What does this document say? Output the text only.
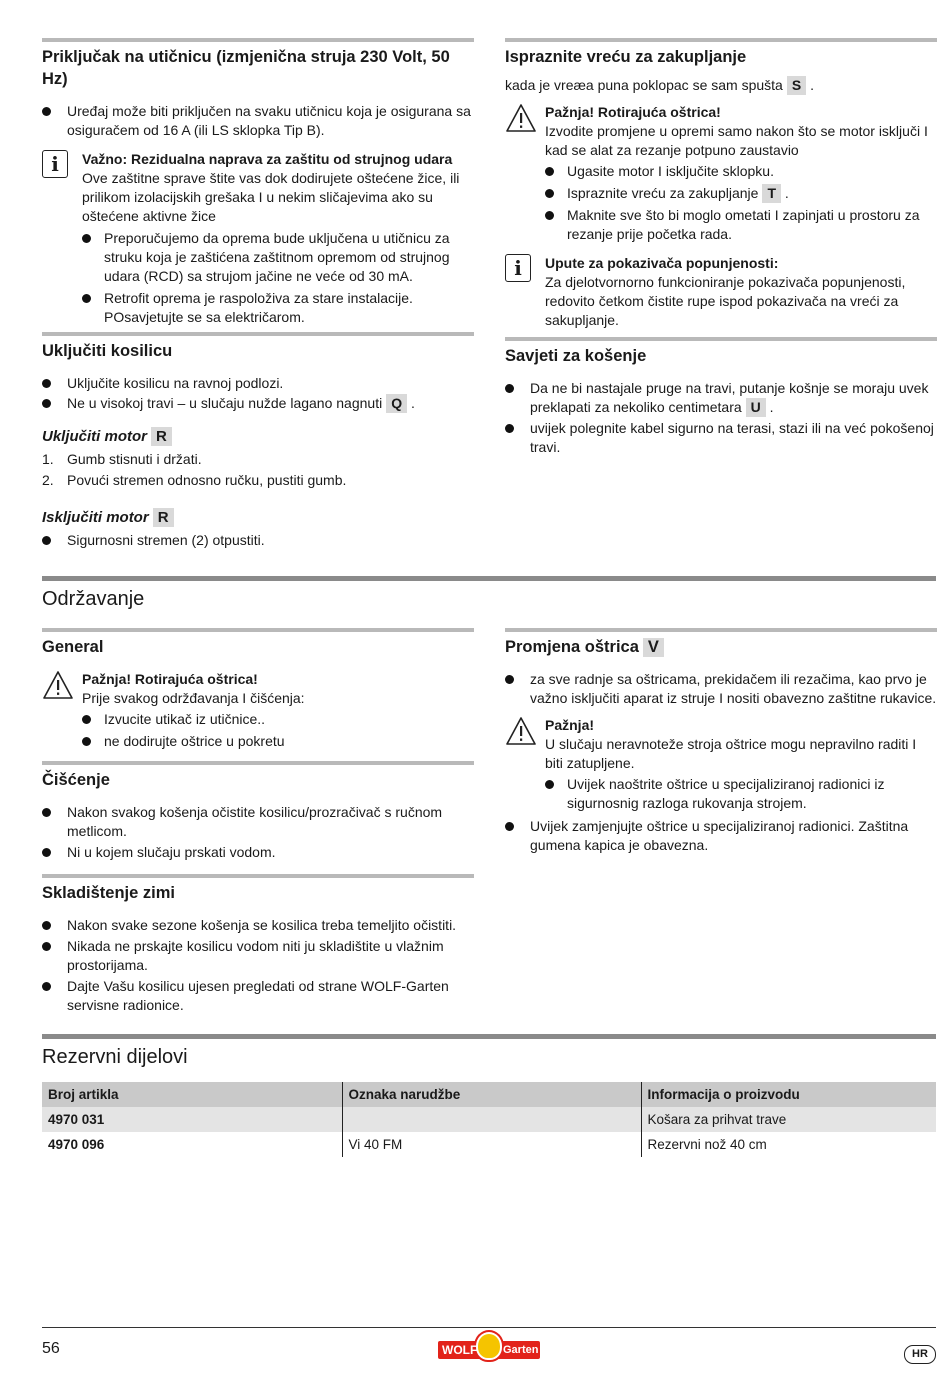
Priključak na utičnicu (izmjenična struja 230 Volt, 50 Hz)
Uređaj može biti priključen na svaku utičnicu koja je osigurana sa osiguračem od 16 A (ili LS sklopka Tip B).
i	Važno: Rezidualna naprava za zaštitu od strujnog udara
Ove zaštitne sprave štite vas dok dodirujete oštećene žice, ili prilikom izolacijskih grešaka I u nekim sličajevima ako su oštećene aktivne žice
Preporučujemo da oprema bude uključena u utičnicu za struku koja je zaštićena zaštitnom opremom od strujnog udara (RCD) sa strujom jačine ne veće od 30 mA.
Retrofit oprema je raspoloživa za stare instalacije. POsavjetujte se sa električarom.
Uključiti kosilicu
Uključite kosilicu na ravnoj podlozi.
Ne u visokoj travi – u slučaju nužde lagano nagnuti Q .
Uključiti motor R
1. Gumb stisnuti i držati.
2. Povući stremen odnosno ručku, pustiti gumb.
Isključiti motor R
Sigurnosni stremen (2) otpustiti.
Ispraznite vreću za zakupljanje
kada je vreæa puna poklopac se sam spušta S .
Pažnja! Rotirajuća oštrica!
Izvodite promjene u opremi samo nakon što se motor isključi I kad se alat za rezanje potpuno zaustavio
Ugasite motor I isključite sklopku.
Ispraznite vreću za zakupljanje T .
Maknite sve što bi moglo ometati I zapinjati u prostoru za rezanje prije početka rada.
i	Upute za pokazivača popunjenosti:
Za djelotvornorno funkcioniranje pokazivača popunjenosti, redovito četkom čistite rupe ispod pokazivača na vreći za sakupljanje.
Savjeti za košenje
Da ne bi nastajale pruge na travi, putanje košnje se moraju uvek preklapati za nekoliko centimetara U .
uvijek polegnite kabel sigurno na terasi, stazi ili na već pokošenoj travi.
Održavanje
General
Pažnja! Rotirajuća oštrica!
Prije svakog održđavanja I čišćenja:
Izvucite utikač iz utičnice..
ne dodirujte oštrice u pokretu
Čišćenje
Nakon svakog košenja očistite kosilicu/prozračivač s ručnom metlicom.
Ni u kojem slučaju prskati vodom.
Skladištenje zimi
Nakon svake sezone košenja se kosilica treba temeljito očistiti.
Nikada ne prskajte kosilicu vodom niti ju skladištite u vlažnim prostorijama.
Dajte Vašu kosilicu ujesen pregledati od strane WOLF-Garten servisne radionice.
Promjena oštrica V
za sve radnje sa oštricama, prekidačem ili rezačima, kao prvo je važno isključiti aparat iz struje I nositi obavezno zaštitne rukavice.
Pažnja!
U slučaju neravnoteže stroja oštrice mogu nepravilno raditi I biti zatupljene.
Uvijek naoštrite oštrice u specijaliziranoj radionici iz sigurnosnig razloga rukovanja strojem.
Uvijek zamjenjujte oštrice u specijaliziranoj radionici. Zaštitna gumena kapica je obavezna.
Rezervni dijelovi
Broj artikla	Oznaka narudžbe	Informacija o proizvodu
4970 031		Košara za prihvat trave
4970 096	Vi 40 FM	Rezervni nož 40 cm
56	WOLF Garten	HR
